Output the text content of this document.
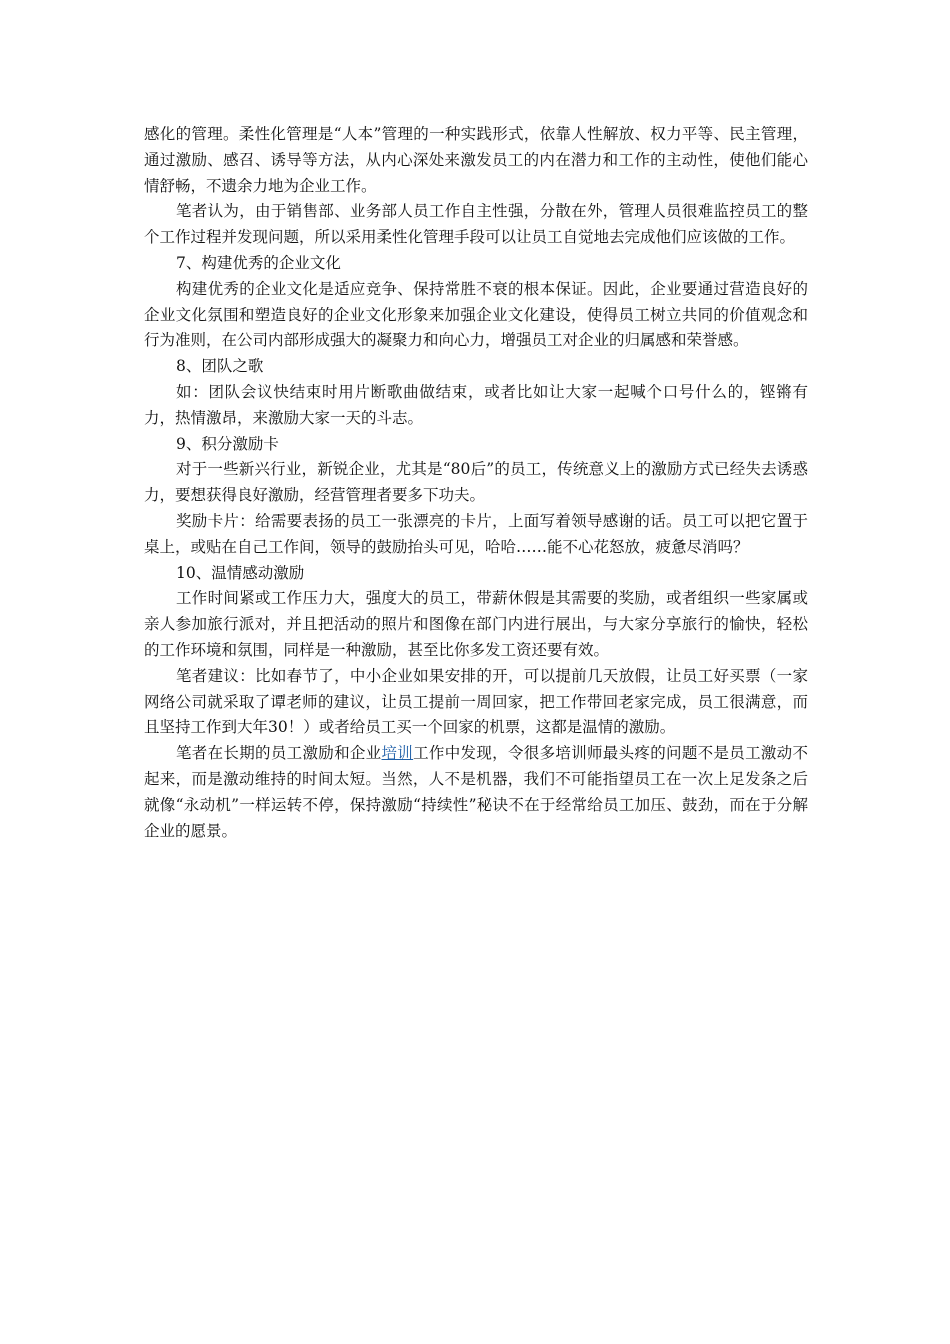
感化的管理。柔性化管理是“人本”管理的一种实践形式，依靠人性解放、权力平等、民主管理，通过激励、感召、诱导等方法，从内心深处来激发员工的内在潜力和工作的主动性，使他们能心情舒畅，不遗余力地为企业工作。

笔者认为，由于销售部、业务部人员工作自主性强，分散在外，管理人员很难监控员工的整个工作过程并发现问题，所以采用柔性化管理手段可以让员工自觉地去完成他们应该做的工作。

7、构建优秀的企业文化

构建优秀的企业文化是适应竞争、保持常胜不衰的根本保证。因此，企业要通过营造良好的企业文化氛围和塑造良好的企业文化形象来加强企业文化建设，使得员工树立共同的价值观念和行为准则，在公司内部形成强大的凝聚力和向心力，增强员工对企业的归属感和荣誉感。

8、团队之歌

如：团队会议快结束时用片断歌曲做结束，或者比如让大家一起喊个口号什么的，铿锵有力，热情激昂，来激励大家一天的斗志。

9、积分激励卡

对于一些新兴行业，新锐企业，尤其是“80后”的员工，传统意义上的激励方式已经失去诱惑力，要想获得良好激励，经营管理者要多下功夫。

奖励卡片：给需要表扬的员工一张漂亮的卡片，上面写着领导感谢的话。员工可以把它置于桌上，或贴在自己工作间，领导的鼓励抬头可见，哈哈……能不心花怒放，疲惫尽消吗？

10、温情感动激励

工作时间紧或工作压力大，强度大的员工，带薪休假是其需要的奖励，或者组织一些家属或亲人参加旅行派对，并且把活动的照片和图像在部门内进行展出，与大家分享旅行的愉快，轻松的工作环境和氛围，同样是一种激励，甚至比你多发工资还要有效。

笔者建议：比如春节了，中小企业如果安排的开，可以提前几天放假，让员工好买票（一家网络公司就采取了谭老师的建议，让员工提前一周回家，把工作带回老家完成，员工很满意，而且坚持工作到大年30！）或者给员工买一个回家的机票，这都是温情的激励。

笔者在长期的员工激励和企业培训工作中发现，令很多培训师最头疼的问题不是员工激动不起来，而是激动维持的时间太短。当然，人不是机器，我们不可能指望员工在一次上足发条之后就像“永动机”一样运转不停，保持激励“持续性”秘诀不在于经常给员工加压、鼓劲，而在于分解企业的愿景。
